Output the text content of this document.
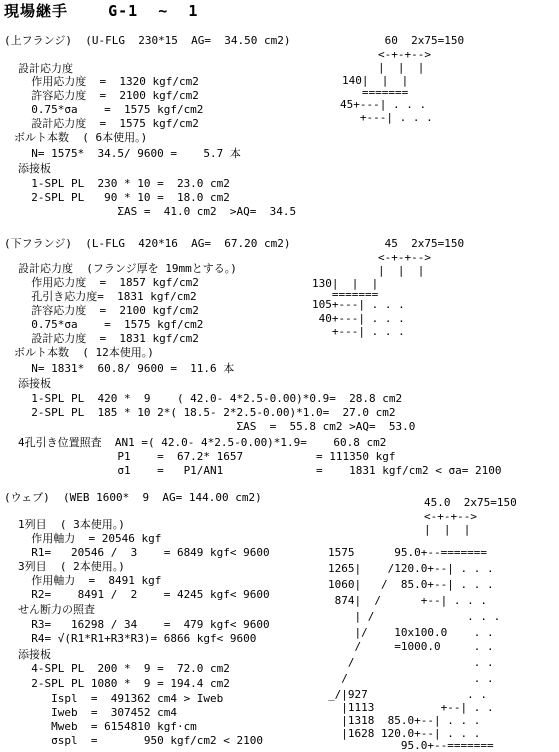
現場継手    G-1  ~  1
(上フランジ)  (U-FLG  230*15  AG=  34.50 cm2)
設計応力度
作用応力度  =  1320 kgf/cm2
許容応力度  =  2100 kgf/cm2
0.75*σa    =  1575 kgf/cm2
設計応力度  =  1575 kgf/cm2
ボルト本数  ( 6本使用。)
N= 1575*  34.5/ 9600 =    5.7 本
添接板
1-SPL PL  230 * 10 =  23.0 cm2
2-SPL PL   90 * 10 =  18.0 cm2
ΣAS =  41.0 cm2  >AQ=  34.5
(下フランジ)  (L-FLG  420*16  AG=  67.20 cm2)
設計応力度  (フランジ厚を 19mmとする。)
作用応力度  =  1857 kgf/cm2
孔引き応力度=  1831 kgf/cm2
許容応力度  =  2100 kgf/cm2
0.75*σa    =  1575 kgf/cm2
設計応力度  =  1831 kgf/cm2
ボルト本数  ( 12本使用。)
N= 1831*  60.8/ 9600 =  11.6 本
添接板
1-SPL PL  420 *  9    ( 42.0- 4*2.5-0.00)*0.9=  28.8 cm2
2-SPL PL  185 * 10 2*( 18.5- 2*2.5-0.00)*1.0=  27.0 cm2
ΣAS  =  55.8 cm2 >AQ=  53.0
4孔引き位置照査  AN1 =( 42.0- 4*2.5-0.00)*1.9=    60.8 cm2
P1    =  67.2* 1657           = 111350 kgf
σ1    =   P1/AN1              =    1831 kgf/cm2 < σa= 2100
(ウェブ)  (WEB 1600*  9  AG= 144.00 cm2)
1列目  ( 3本使用。)
作用軸力  = 20546 kgf
R1=   20546 /  3    = 6849 kgf< 9600
3列目  ( 2本使用。)
作用軸力  =  8491 kgf
R2=    8491 /  2    = 4245 kgf< 9600
せん断力の照査
R3=   16298 / 34    =  479 kgf< 9600
R4= √(R1*R1+R3*R3)= 6866 kgf< 9600
添接板
4-SPL PL  200 *  9 =  72.0 cm2
2-SPL PL 1080 *  9 = 194.4 cm2
Ispl  =  491362 cm4 > Iweb
Iweb  =  307452 cm4
Mweb  = 6154810 kgf·cm
σspl  =       950 kgf/cm2 < 2100
60  2x75=150
<-+-+-->
|  |  |
140|  |  |
=======
45+---| . . .
+---| . . .
45  2x75=150
<-+-+-->
|  |  |
130|  |  |
=======
105+---| . . .
40+---| . . .
+---| . . .
45.0  2x75=150
<-+-+-->
|  |  |
1575      95.0+--=======
1265|    /120.0+--| . . .
1060|   /  85.0+--| . . .
874|  /      +--| . . .
| /              . . .
|/    10x100.0    . .
/     =1000.0     . .
/                  . .
/                   . .
_/|927               . .
|1113          +--| . .
|1318  85.0+--| . . .
|1628 120.0+--| . . .
95.0+--=======
